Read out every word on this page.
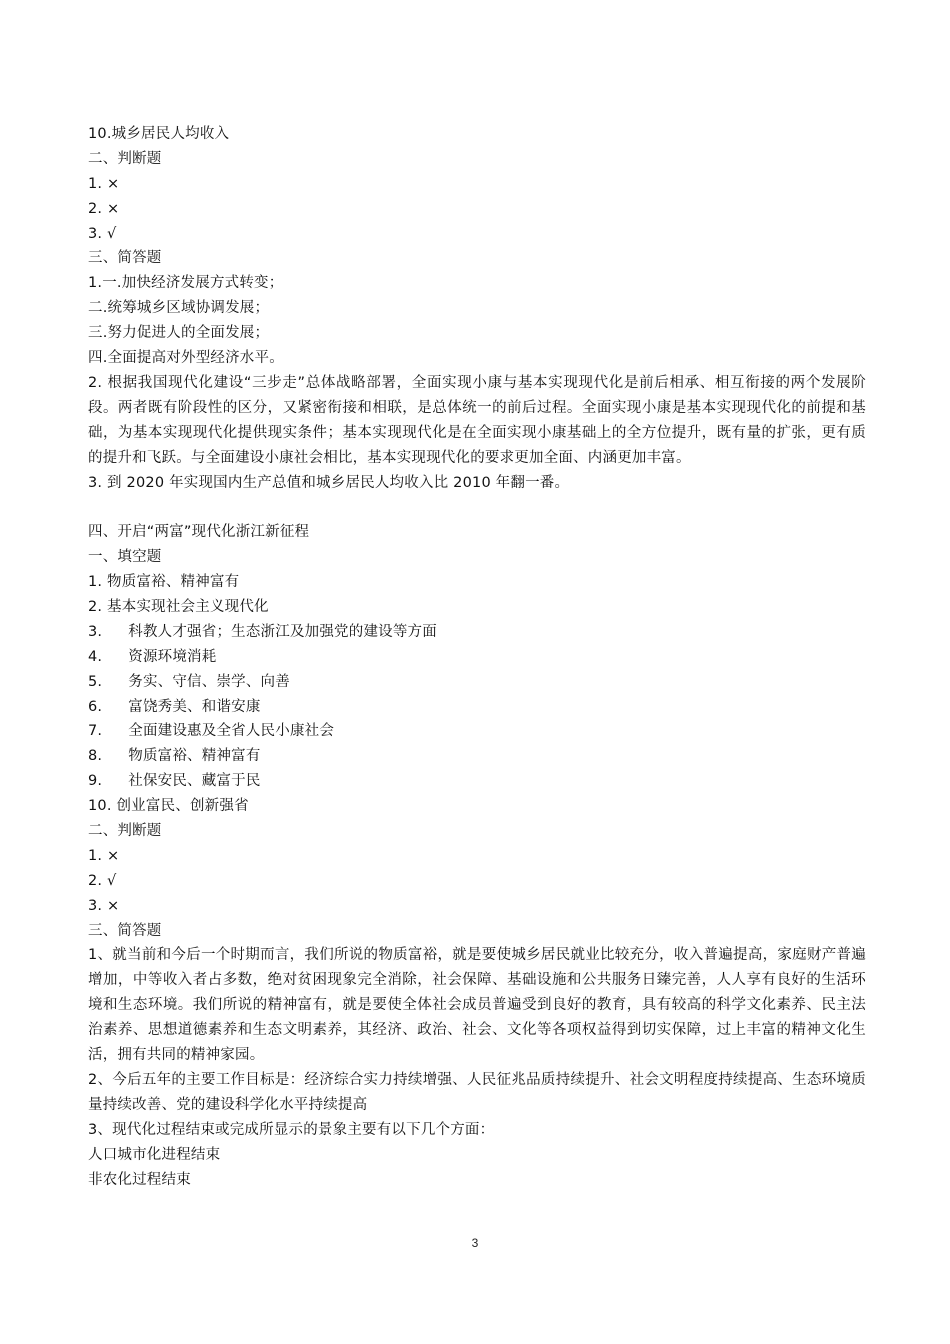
10.城乡居民人均收入
二、判断题
1. ×
2. ×
3. √
三、简答题
1.一.加快经济发展方式转变；
二.统筹城乡区域协调发展；
三.努力促进人的全面发展；
四.全面提高对外型经济水平。
2. 根据我国现代化建设“三步走”总体战略部署，全面实现小康与基本实现现代化是前后相承、相互衔接的两个发展阶段。两者既有阶段性的区分，又紧密衔接和相联，是总体统一的前后过程。全面实现小康是基本实现现代化的前提和基础，为基本实现现代化提供现实条件；基本实现现代化是在全面实现小康基础上的全方位提升，既有量的扩张，更有质的提升和飞跃。与全面建设小康社会相比，基本实现现代化的要求更加全面、内涵更加丰富。
3. 到 2020 年实现国内生产总值和城乡居民人均收入比 2010 年翻一番。
四、开启“两富”现代化浙江新征程
一、填空题
1. 物质富裕、精神富有
2. 基本实现社会主义现代化
3. 科教人才强省；生态浙江及加强党的建设等方面
4. 资源环境消耗
5. 务实、守信、崇学、向善
6. 富饶秀美、和谐安康
7. 全面建设惠及全省人民小康社会
8. 物质富裕、精神富有
9. 社保安民、藏富于民
10. 创业富民、创新强省
二、判断题
1. ×
2. √
3. ×
三、简答题
1、就当前和今后一个时期而言，我们所说的物质富裕，就是要使城乡居民就业比较充分，收入普遍提高，家庭财产普遍增加，中等收入者占多数，绝对贫困现象完全消除，社会保障、基础设施和公共服务日臻完善，人人享有良好的生活环境和生态环境。我们所说的精神富有，就是要使全体社会成员普遍受到良好的教育，具有较高的科学文化素养、民主法治素养、思想道德素养和生态文明素养，其经济、政治、社会、文化等各项权益得到切实保障，过上丰富的精神文化生活，拥有共同的精神家园。
2、今后五年的主要工作目标是：经济综合实力持续增强、人民征兆品质持续提升、社会文明程度持续提高、生态环境质量持续改善、党的建设科学化水平持续提高
3、现代化过程结束或完成所显示的景象主要有以下几个方面：
人口城市化进程结束
非农化过程结束
3
